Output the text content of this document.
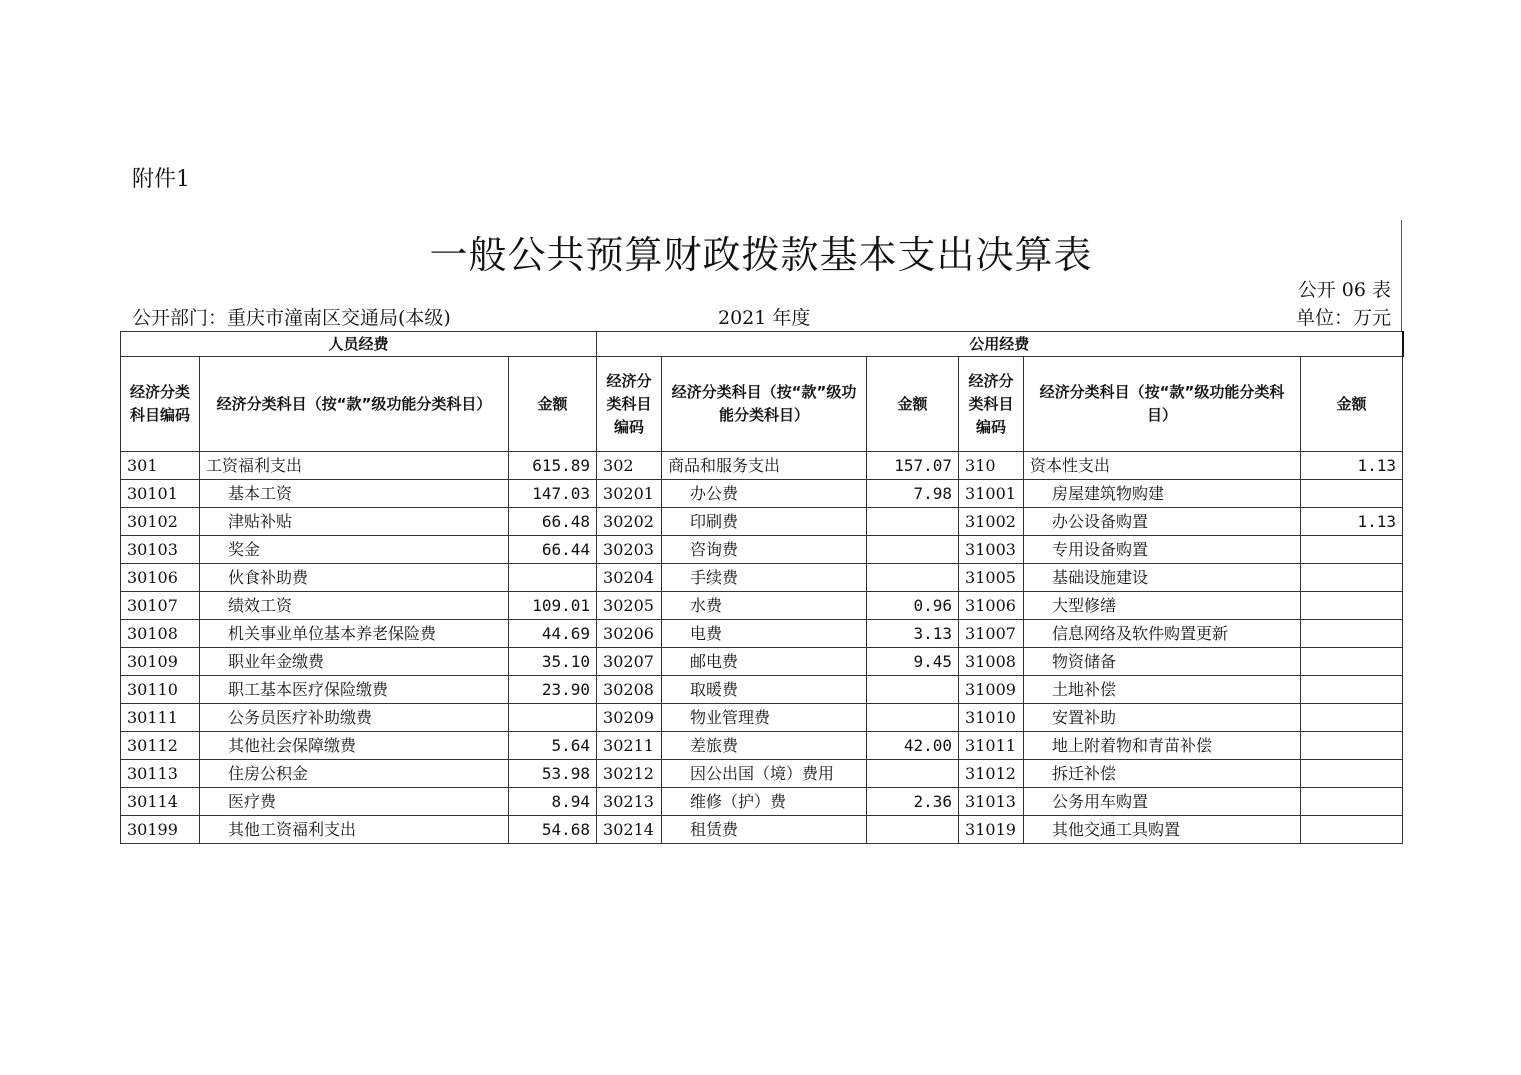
附件1
一般公共预算财政拨款基本支出决算表
公开 06 表
公开部门：重庆市潼南区交通局(本级)	2021 年度	单位：万元
人员经费			公用经费					
经济分类科目编码	经济分类科目（按“款”级功能分类科目）	金额	经济分类科目编码	经济分类科目（按“款”级功能分类科目）	金额	经济分类科目编码	经济分类科目（按“款”级功能分类科目）	金额
301	工资福利支出	615.89	302	商品和服务支出	157.07	310	资本性支出	1.13
30101	基本工资	147.03	30201	办公费	7.98	31001	房屋建筑物购建	
30102	津贴补贴	66.48	30202	印刷费		31002	办公设备购置	1.13
30103	奖金	66.44	30203	咨询费		31003	专用设备购置	
30106	伙食补助费		30204	手续费		31005	基础设施建设	
30107	绩效工资	109.01	30205	水费	0.96	31006	大型修缮	
30108	机关事业单位基本养老保险费	44.69	30206	电费	3.13	31007	信息网络及软件购置更新	
30109	职业年金缴费	35.10	30207	邮电费	9.45	31008	物资储备	
30110	职工基本医疗保险缴费	23.90	30208	取暖费		31009	土地补偿	
30111	公务员医疗补助缴费		30209	物业管理费		31010	安置补助	
30112	其他社会保障缴费	5.64	30211	差旅费	42.00	31011	地上附着物和青苗补偿	
30113	住房公积金	53.98	30212	因公出国（境）费用		31012	拆迁补偿	
30114	医疗费	8.94	30213	维修（护）费	2.36	31013	公务用车购置	
30199	其他工资福利支出	54.68	30214	租赁费		31019	其他交通工具购置	
